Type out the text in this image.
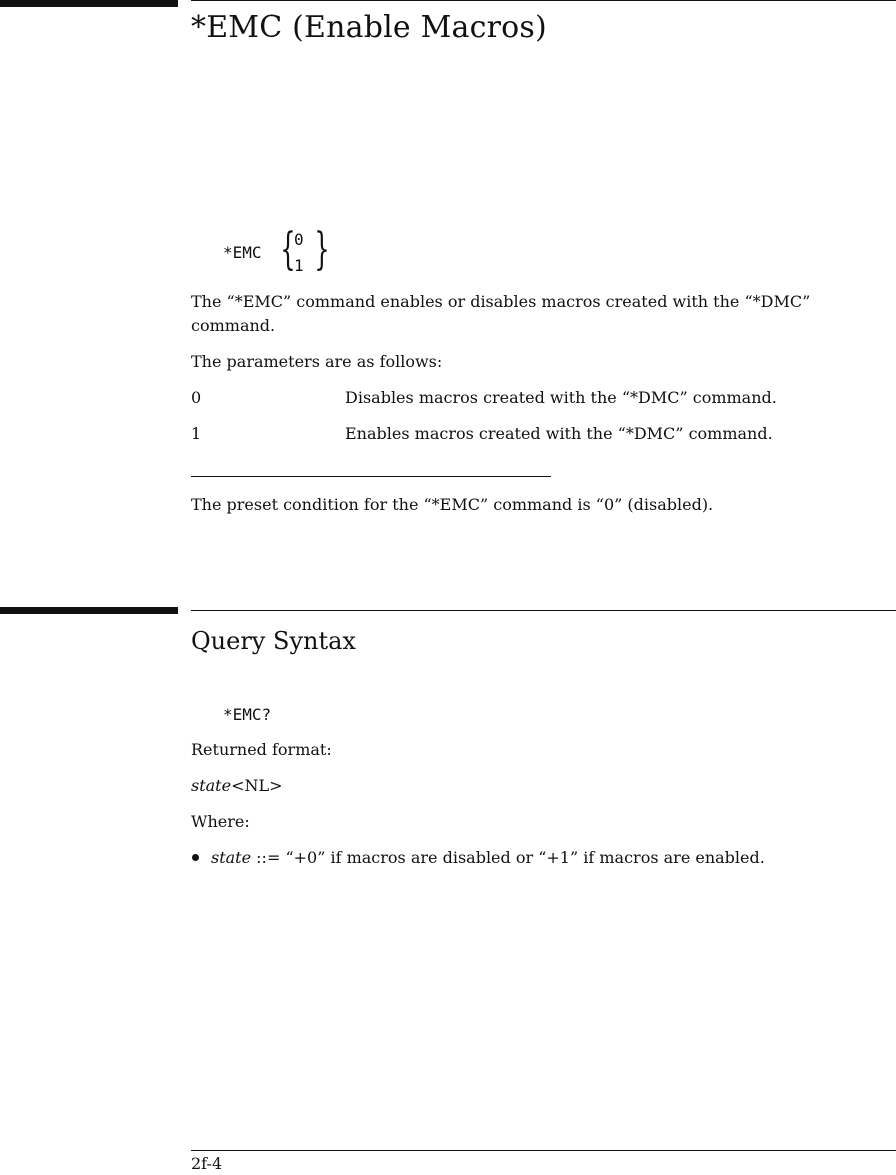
*EMC (Enable Macros)
*EMC {
0
1 }
The “*EMC” command enables or disables macros created with the “*DMC”
command.
The parameters are as follows:
0	Disables macros created with the “*DMC” command.
1	Enables macros created with the “*DMC” command.
The preset condition for the “*EMC” command is “0” (disabled).
Query Syntax
*EMC?
Returned format:
state<NL>
Where:
state ::= “+0” if macros are disabled or “+1” if macros are enabled.
2f-4
